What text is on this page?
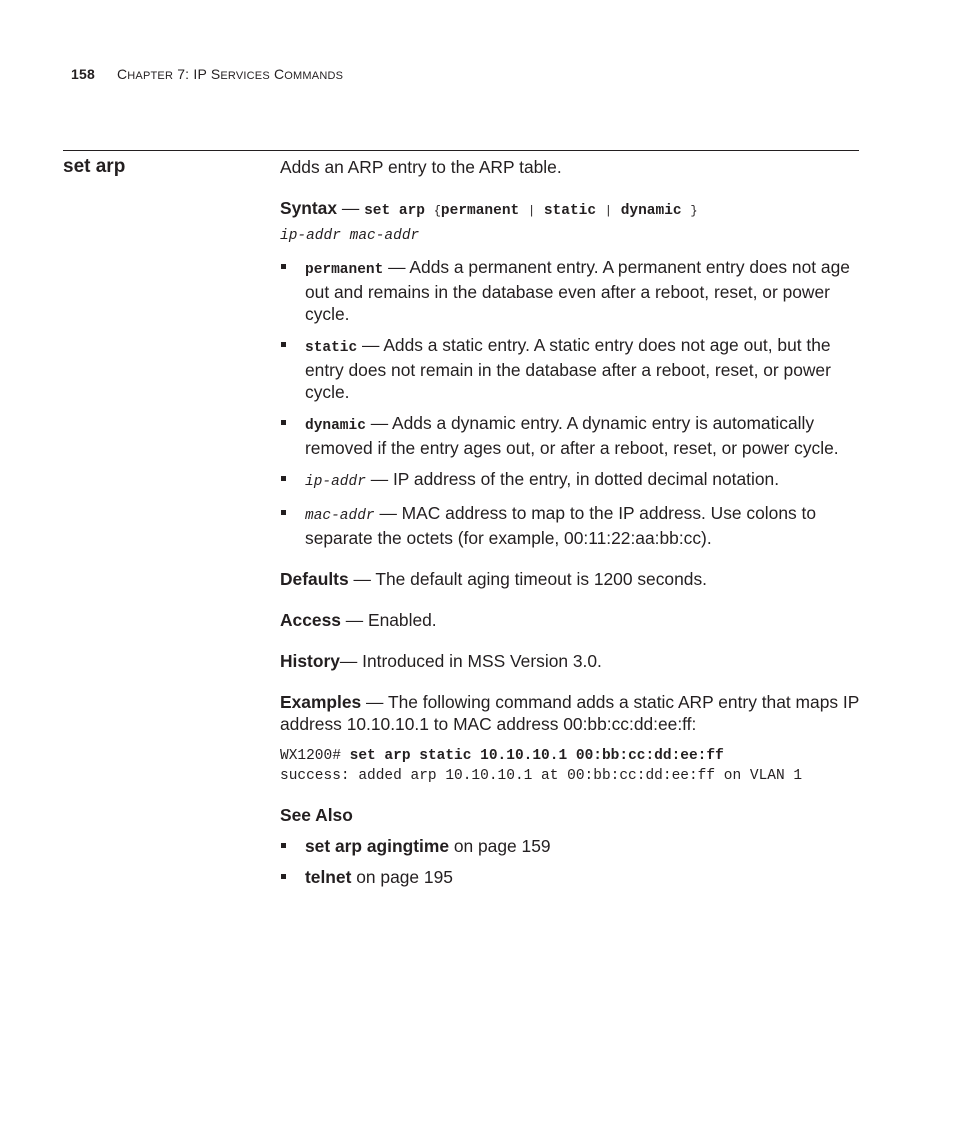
158 CHAPTER 7: IP SERVICES COMMANDS
set arp	Adds an ARP entry to the ARP table.

Syntax — set arp {permanent | static | dynamic }
ip-addr mac-addr

permanent — Adds a permanent entry. A permanent entry does not age out and remains in the database even after a reboot, reset, or power cycle.
static — Adds a static entry. A static entry does not age out, but the entry does not remain in the database after a reboot, reset, or power cycle.
dynamic — Adds a dynamic entry. A dynamic entry is automatically removed if the entry ages out, or after a reboot, reset, or power cycle.
ip-addr — IP address of the entry, in dotted decimal notation.
mac-addr — MAC address to map to the IP address. Use colons to separate the octets (for example, 00:11:22:aa:bb:cc).

Defaults — The default aging timeout is 1200 seconds.

Access — Enabled.

History— Introduced in MSS Version 3.0.

Examples — The following command adds a static ARP entry that maps IP address 10.10.10.1 to MAC address 00:bb:cc:dd:ee:ff:

WX1200# set arp static 10.10.10.1 00:bb:cc:dd:ee:ff
success: added arp 10.10.10.1 at 00:bb:cc:dd:ee:ff on VLAN 1

See Also

set arp agingtime on page 159
telnet on page 195
